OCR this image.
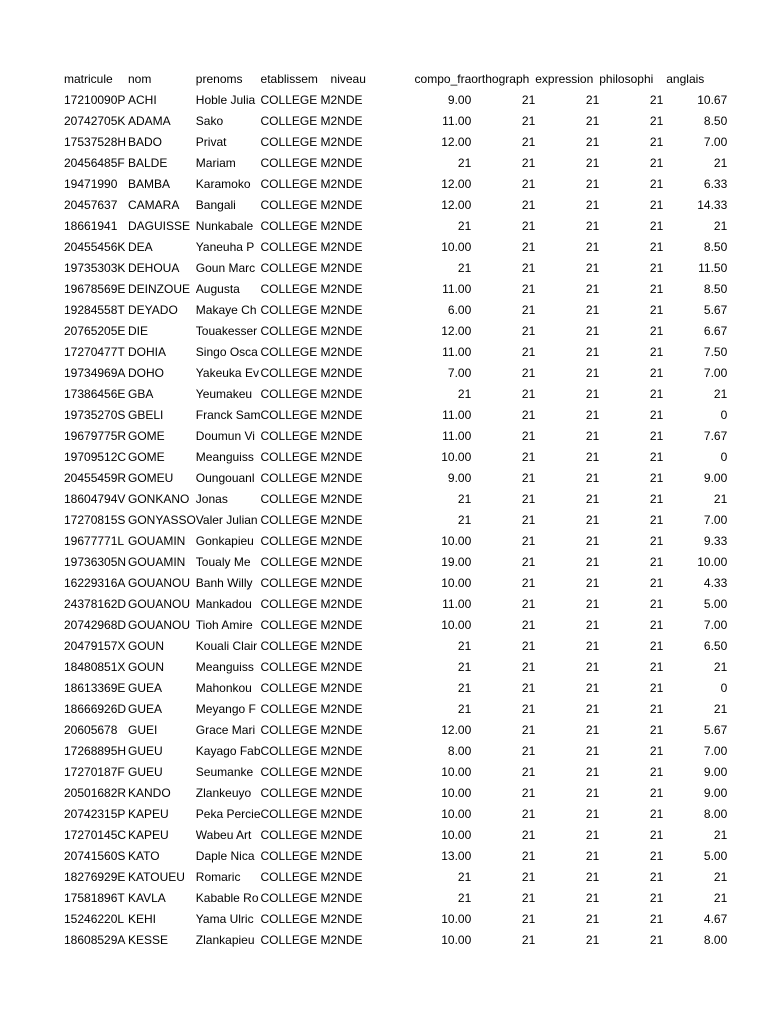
matricule	nom	prenoms	etablissem	niveau	compo_fra	orthograph	expression	philosophi	anglais
17210090P	ACHI	Hoble Julia	COLLEGE M	2NDE	9.00	21	21	21	10.67
20742705K	ADAMA	Sako	COLLEGE M	2NDE	11.00	21	21	21	8.50
17537528H	BADO	Privat	COLLEGE M	2NDE	12.00	21	21	21	7.00
20456485F	BALDE	Mariam	COLLEGE M	2NDE	21	21	21	21	21
19471990	BAMBA	Karamoko	COLLEGE M	2NDE	12.00	21	21	21	6.33
20457637	CAMARA	Bangali	COLLEGE M	2NDE	12.00	21	21	21	14.33
18661941	DAGUISSE	Nunkabale	COLLEGE M	2NDE	21	21	21	21	21
20455456K	DEA	Yaneuha P	COLLEGE M	2NDE	10.00	21	21	21	8.50
19735303K	DEHOUA	Goun Marc	COLLEGE M	2NDE	21	21	21	21	11.50
19678569E	DEINZOUE	Augusta	COLLEGE M	2NDE	11.00	21	21	21	8.50
19284558T	DEYADO	Makaye Ch	COLLEGE M	2NDE	6.00	21	21	21	5.67
20765205E	DIE	Touakesser	COLLEGE M	2NDE	12.00	21	21	21	6.67
17270477T	DOHIA	Singo Osca	COLLEGE M	2NDE	11.00	21	21	21	7.50
19734969A	DOHO	Yakeuka Ev	COLLEGE M	2NDE	7.00	21	21	21	7.00
17386456E	GBA	Yeumakeu	COLLEGE M	2NDE	21	21	21	21	21
19735270S	GBELI	Franck Sam	COLLEGE M	2NDE	11.00	21	21	21	0
19679775R	GOME	Doumun Vi	COLLEGE M	2NDE	11.00	21	21	21	7.67
19709512C	GOME	Meanguiss	COLLEGE M	2NDE	10.00	21	21	21	0
20455459R	GOMEU	Oungouanl	COLLEGE M	2NDE	9.00	21	21	21	9.00
18604794V	GONKANO	Jonas	COLLEGE M	2NDE	21	21	21	21	21
17270815S	GONYASSO	Valer Julian	COLLEGE M	2NDE	21	21	21	21	7.00
19677771L	GOUAMIN	Gonkapieu	COLLEGE M	2NDE	10.00	21	21	21	9.33
19736305N	GOUAMIN	Toualy Me	COLLEGE M	2NDE	19.00	21	21	21	10.00
16229316A	GOUANOU	Banh Willy	COLLEGE M	2NDE	10.00	21	21	21	4.33
24378162D	GOUANOU	Mankadou	COLLEGE M	2NDE	11.00	21	21	21	5.00
20742968D	GOUANOU	Tioh Amire	COLLEGE M	2NDE	10.00	21	21	21	7.00
20479157X	GOUN	Kouali Clair	COLLEGE M	2NDE	21	21	21	21	6.50
18480851X	GOUN	Meanguiss	COLLEGE M	2NDE	21	21	21	21	21
18613369E	GUEA	Mahonkou	COLLEGE M	2NDE	21	21	21	21	0
18666926D	GUEA	Meyango F	COLLEGE M	2NDE	21	21	21	21	21
20605678	GUEI	Grace Mari	COLLEGE M	2NDE	12.00	21	21	21	5.67
17268895H	GUEU	Kayago Fab	COLLEGE M	2NDE	8.00	21	21	21	7.00
17270187F	GUEU	Seumanke	COLLEGE M	2NDE	10.00	21	21	21	9.00
20501682R	KANDO	Zlankeuyo	COLLEGE M	2NDE	10.00	21	21	21	9.00
20742315P	KAPEU	Peka Percie	COLLEGE M	2NDE	10.00	21	21	21	8.00
17270145C	KAPEU	Wabeu Art	COLLEGE M	2NDE	10.00	21	21	21	21
20741560S	KATO	Daple Nica	COLLEGE M	2NDE	13.00	21	21	21	5.00
18276929E	KATOUEU	Romaric	COLLEGE M	2NDE	21	21	21	21	21
17581896T	KAVLA	Kabable Ro	COLLEGE M	2NDE	21	21	21	21	21
15246220L	KEHI	Yama Ulric	COLLEGE M	2NDE	10.00	21	21	21	4.67
18608529A	KESSE	Zlankapieu	COLLEGE M	2NDE	10.00	21	21	21	8.00
